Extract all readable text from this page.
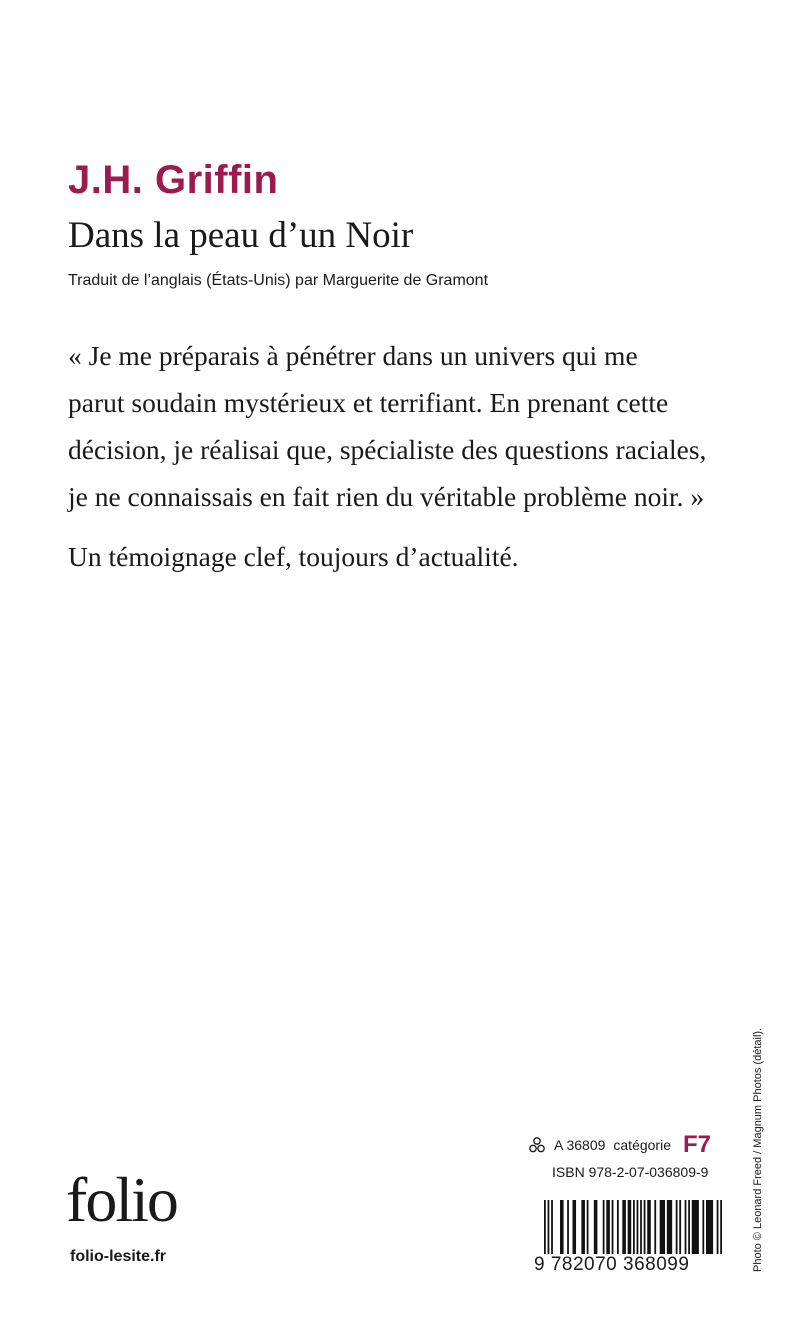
J.H. Griffin
Dans la peau d’un Noir
Traduit de l’anglais (États-Unis) par Marguerite de Gramont

« Je me préparais à pénétrer dans un univers qui me
parut soudain mystérieux et terrifiant. En prenant cette
décision, je réalisai que, spécialiste des questions raciales,
je ne connaissais en fait rien du véritable problème noir. »

Un témoignage clef, toujours d’actualité.

folio
folio-lesite.fr
A 36809 catégorie F7
ISBN 978-2-07-036809-9
9 782070 368099	Photo © Leonard Freed / Magnum Photos (détail).
